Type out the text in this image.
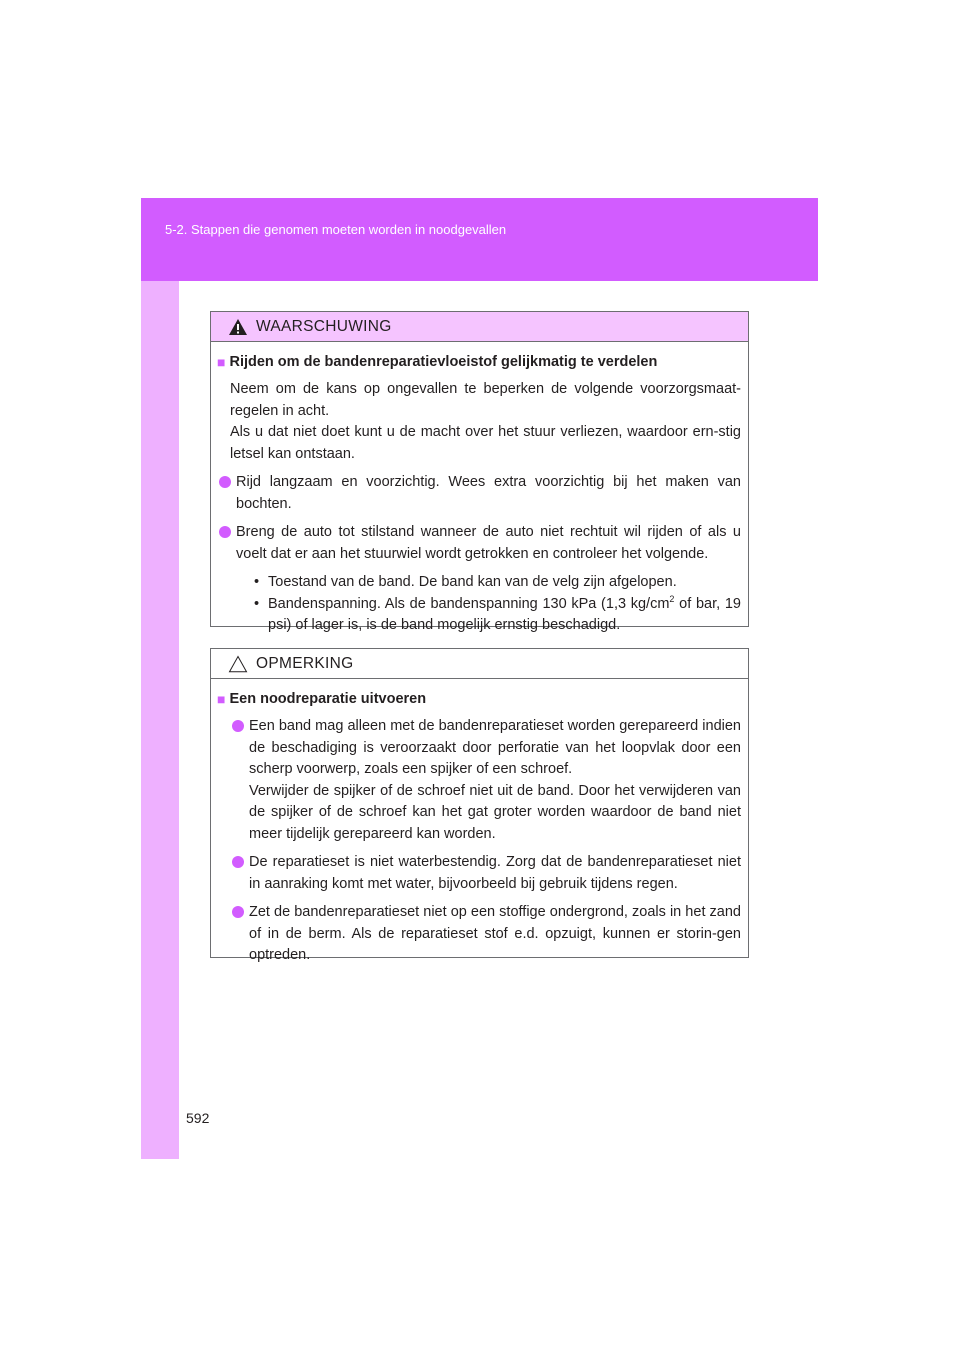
5-2. Stappen die genomen moeten worden in noodgevallen
WAARSCHUWING
■ Rijden om de bandenreparatievloeistof gelijkmatig te verdelen

Neem om de kans op ongevallen te beperken de volgende voorzorgsmaat-regelen in acht.

Als u dat niet doet kunt u de macht over het stuur verliezen, waardoor ern-stig letsel kan ontstaan.

Rijd langzaam en voorzichtig. Wees extra voorzichtig bij het maken van bochten.

Breng de auto tot stilstand wanneer de auto niet rechtuit wil rijden of als u voelt dat er aan het stuurwiel wordt getrokken en controleer het volgende.

• Toestand van de band. De band kan van de velg zijn afgelopen.

• Bandenspanning. Als de bandenspanning 130 kPa (1,3 $kg/cm^2$ of bar, 19 psi) of lager is, is de band mogelijk ernstig beschadigd.

OPMERKING
■ Een noodreparatie uitvoeren

Een band mag alleen met de bandenreparatieset worden gerepareerd indien de beschadiging is veroorzaakt door perforatie van het loopvlak door een scherp voorwerp, zoals een spijker of een schroef.

Verwijder de spijker of de schroef niet uit de band. Door het verwijderen van de spijker of de schroef kan het gat groter worden waardoor de band niet meer tijdelijk gerepareerd kan worden.

De reparatieset is niet waterbestendig. Zorg dat de bandenreparatieset niet in aanraking komt met water, bijvoorbeeld bij gebruik tijdens regen.

Zet de bandenreparatieset niet op een stoffige ondergrond, zoals in het zand of in de berm. Als de reparatieset stof e.d. opzuigt, kunnen er storin-gen optreden.

592
